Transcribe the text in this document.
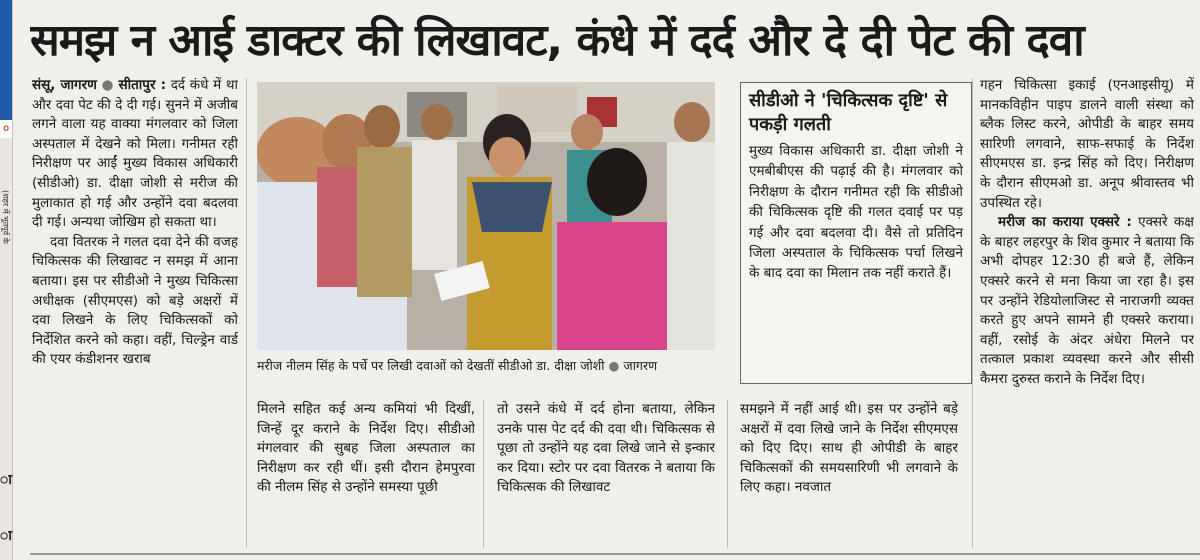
o
(शहर में भूतपूर्व के
ा
ा
समझ न आई डाक्टर की लिखावट, कंधे में दर्द और दे दी पेट की दवा

संसू, जागरण ● सीतापुर : दर्द कंधे में था और दवा पेट की दे दी गई। सुनने में अजीब लगने वाला यह वाक्या मंगलवार को जिला अस्पताल में देखने को मिला। गनीमत रही निरीक्षण पर आईं मुख्य विकास अधिकारी (सीडीओ) डा. दीक्षा जोशी से मरीज की मुलाकात हो गई और उन्होंने दवा बदलवा दी गई। अन्यथा जोखिम हो सकता था।

दवा वितरक ने गलत दवा देने की वजह चिकित्सक की लिखावट न समझ में आना बताया। इस पर सीडीओ ने मुख्य चिकित्सा अधीक्षक (सीएमएस) को बड़े अक्षरों में दवा लिखने के लिए चिकित्सकों को निर्देशित करने को कहा। वहीं, चिल्ड्रेन वार्ड की एयर कंडीशनर खराब	मरीज नीलम सिंह के पर्चे पर लिखी दवाओं को देखतीं सीडीओ डा. दीक्षा जोशी ● जागरण
सीडीओ ने 'चिकित्सक दृष्टि' से पकड़ी गलती
मुख्य विकास अधिकारी डा. दीक्षा जोशी ने एमबीबीएस की पढ़ाई की है। मंगलवार को निरीक्षण के दौरान गनीमत रही कि सीडीओ की चिकित्सक दृष्टि की गलत दवाई पर पड़ गई और दवा बदलवा दी। वैसे तो प्रतिदिन जिला अस्पताल के चिकित्सक पर्चा लिखने के बाद दवा का मिलान तक नहीं कराते हैं।
मिलने सहित कई अन्य कमियां भी दिखीं, जिन्हें दूर कराने के निर्देश दिए। सीडीओ मंगलवार की सुबह जिला अस्पताल का निरीक्षण कर रही थीं। इसी दौरान हेमपुरवा की नीलम सिंह से उन्होंने समस्या पूछी
तो उसने कंधे में दर्द होना बताया, लेकिन उनके पास पेट दर्द की दवा थी। चिकित्सक से पूछा तो उन्होंने यह दवा लिखे जाने से इन्कार कर दिया। स्टोर पर दवा वितरक ने बताया कि चिकित्सक की लिखावट
समझने में नहीं आई थी। इस पर उन्होंने बड़े अक्षरों में दवा लिखे जाने के निर्देश सीएमएस को दिए दिए। साथ ही ओपीडी के बाहर चिकित्सकों की समयसारिणी भी लगवाने के लिए कहा। नवजात

गहन चिकित्सा इकाई (एनआइसीयू) में मानकविहीन पाइप डालने वाली संस्था को ब्लैक लिस्ट करने, ओपीडी के बाहर समय सारिणी लगवाने, साफ-सफाई के निर्देश सीएमएस डा. इन्द्र सिंह को दिए। निरीक्षण के दौरान सीएमओ डा. अनूप श्रीवास्तव भी उपस्थित रहे।

मरीज का कराया एक्सरे : एक्सरे कक्ष के बाहर लहरपुर के शिव कुमार ने बताया कि अभी दोपहर 12:30 ही बजे हैं, लेकिन एक्सरे करने से मना किया जा रहा है। इस पर उन्होंने रेडियोलाजिस्ट से नाराजगी व्यक्त करते हुए अपने सामने ही एक्सरे कराया। वहीं, रसोई के अंदर अंधेरा मिलने पर तत्काल प्रकाश व्यवस्था करने और सीसी कैमरा दुरुस्त कराने के निर्देश दिए।
